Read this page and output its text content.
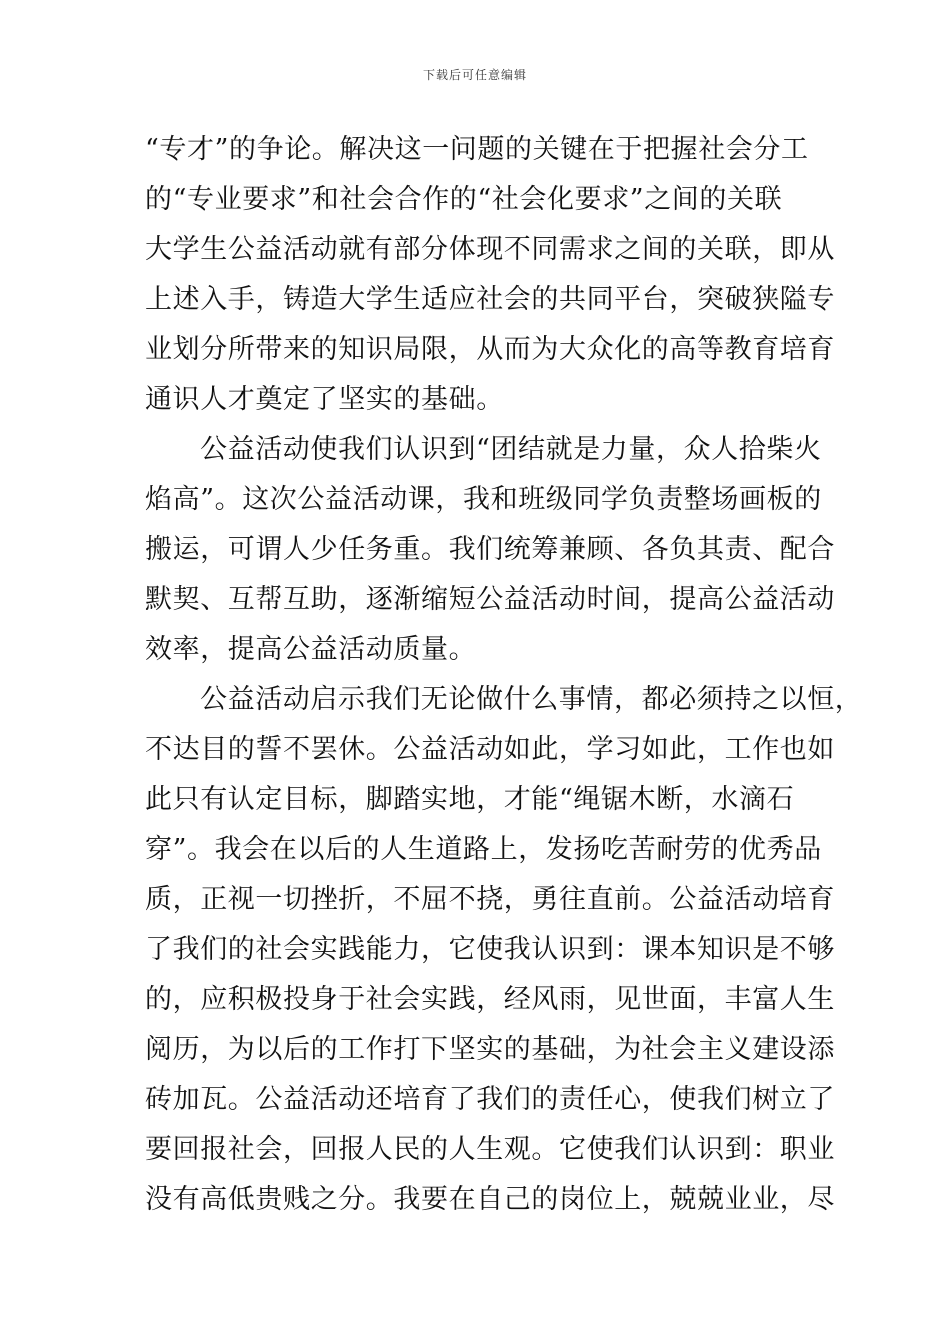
下载后可任意编辑
“专才”的争论。解决这一问题的关键在于把握社会分工
的“专业要求”和社会合作的“社会化要求”之间的关联
大学生公益活动就有部分体现不同需求之间的关联，即从
上述入手，铸造大学生适应社会的共同平台，突破狭隘专
业划分所带来的知识局限，从而为大众化的高等教育培育
通识人才奠定了坚实的基础。
公益活动使我们认识到“团结就是力量，众人拾柴火
焰高”。这次公益活动课，我和班级同学负责整场画板的
搬运，可谓人少任务重。我们统筹兼顾、各负其责、配合
默契、互帮互助，逐渐缩短公益活动时间，提高公益活动
效率，提高公益活动质量。
公益活动启示我们无论做什么事情，都必须持之以恒，
不达目的誓不罢休。公益活动如此，学习如此，工作也如
此只有认定目标，脚踏实地，才能“绳锯木断，水滴石
穿”。我会在以后的人生道路上，发扬吃苦耐劳的优秀品
质，正视一切挫折，不屈不挠，勇往直前。公益活动培育
了我们的社会实践能力，它使我认识到：课本知识是不够
的，应积极投身于社会实践，经风雨，见世面，丰富人生
阅历，为以后的工作打下坚实的基础，为社会主义建设添
砖加瓦。公益活动还培育了我们的责任心，使我们树立了
要回报社会，回报人民的人生观。它使我们认识到：职业
没有高低贵贱之分。我要在自己的岗位上，兢兢业业，尽
